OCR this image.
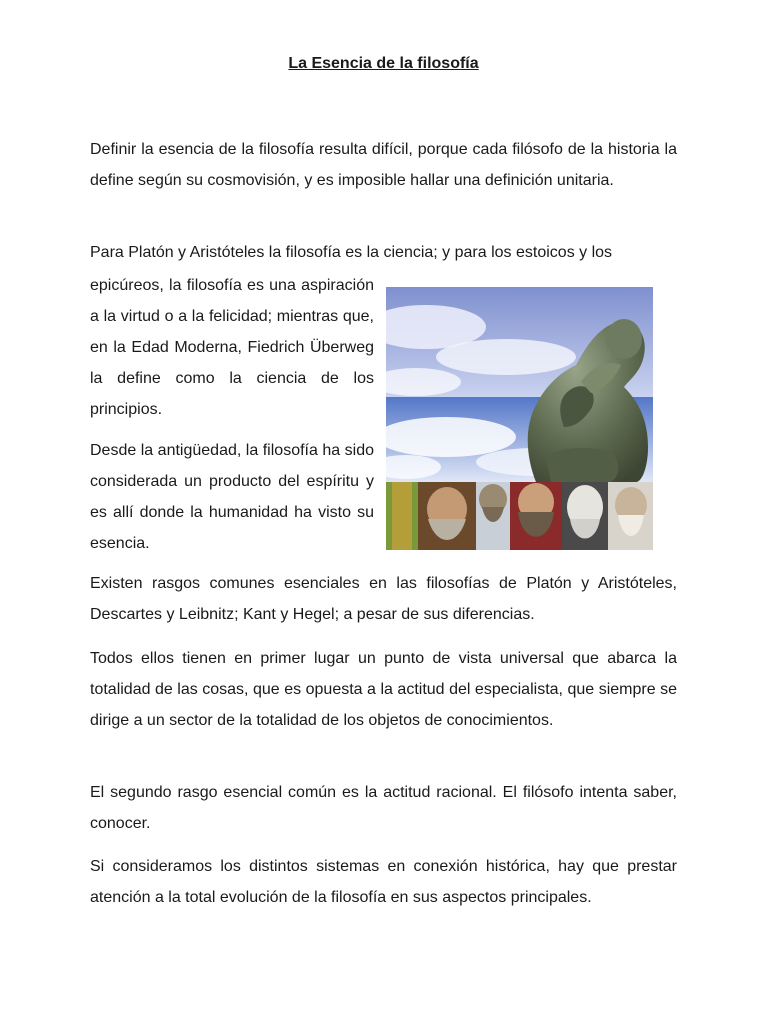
La Esencia de la filosofía

Definir la esencia de la filosofía resulta difícil, porque cada filósofo de la historia la define según su cosmovisión, y es imposible hallar una definición unitaria.

Para Platón y Aristóteles la filosofía es la ciencia; y para los estoicos y los

epicúreos, la filosofía es una aspiración a la virtud o a la felicidad; mientras que, en la Edad Moderna, Fiedrich Überweg la define como la ciencia de los principios.

Desde la antigüedad, la filosofía ha sido considerada un producto del espíritu y es allí donde la humanidad ha visto su esencia.

Existen rasgos comunes esenciales en las filosofías de Platón y Aristóteles, Descartes y Leibnitz; Kant y Hegel; a pesar de sus diferencias.

Todos ellos tienen en primer lugar un punto de vista universal que abarca la totalidad de las cosas, que es opuesta a la actitud del especialista, que siempre se dirige a un sector de la totalidad de los objetos de conocimientos.

El segundo rasgo esencial común es la actitud racional. El filósofo intenta saber, conocer.

Si consideramos los distintos sistemas en conexión histórica, hay que prestar atención a la total evolución de la filosofía en sus aspectos principales.
